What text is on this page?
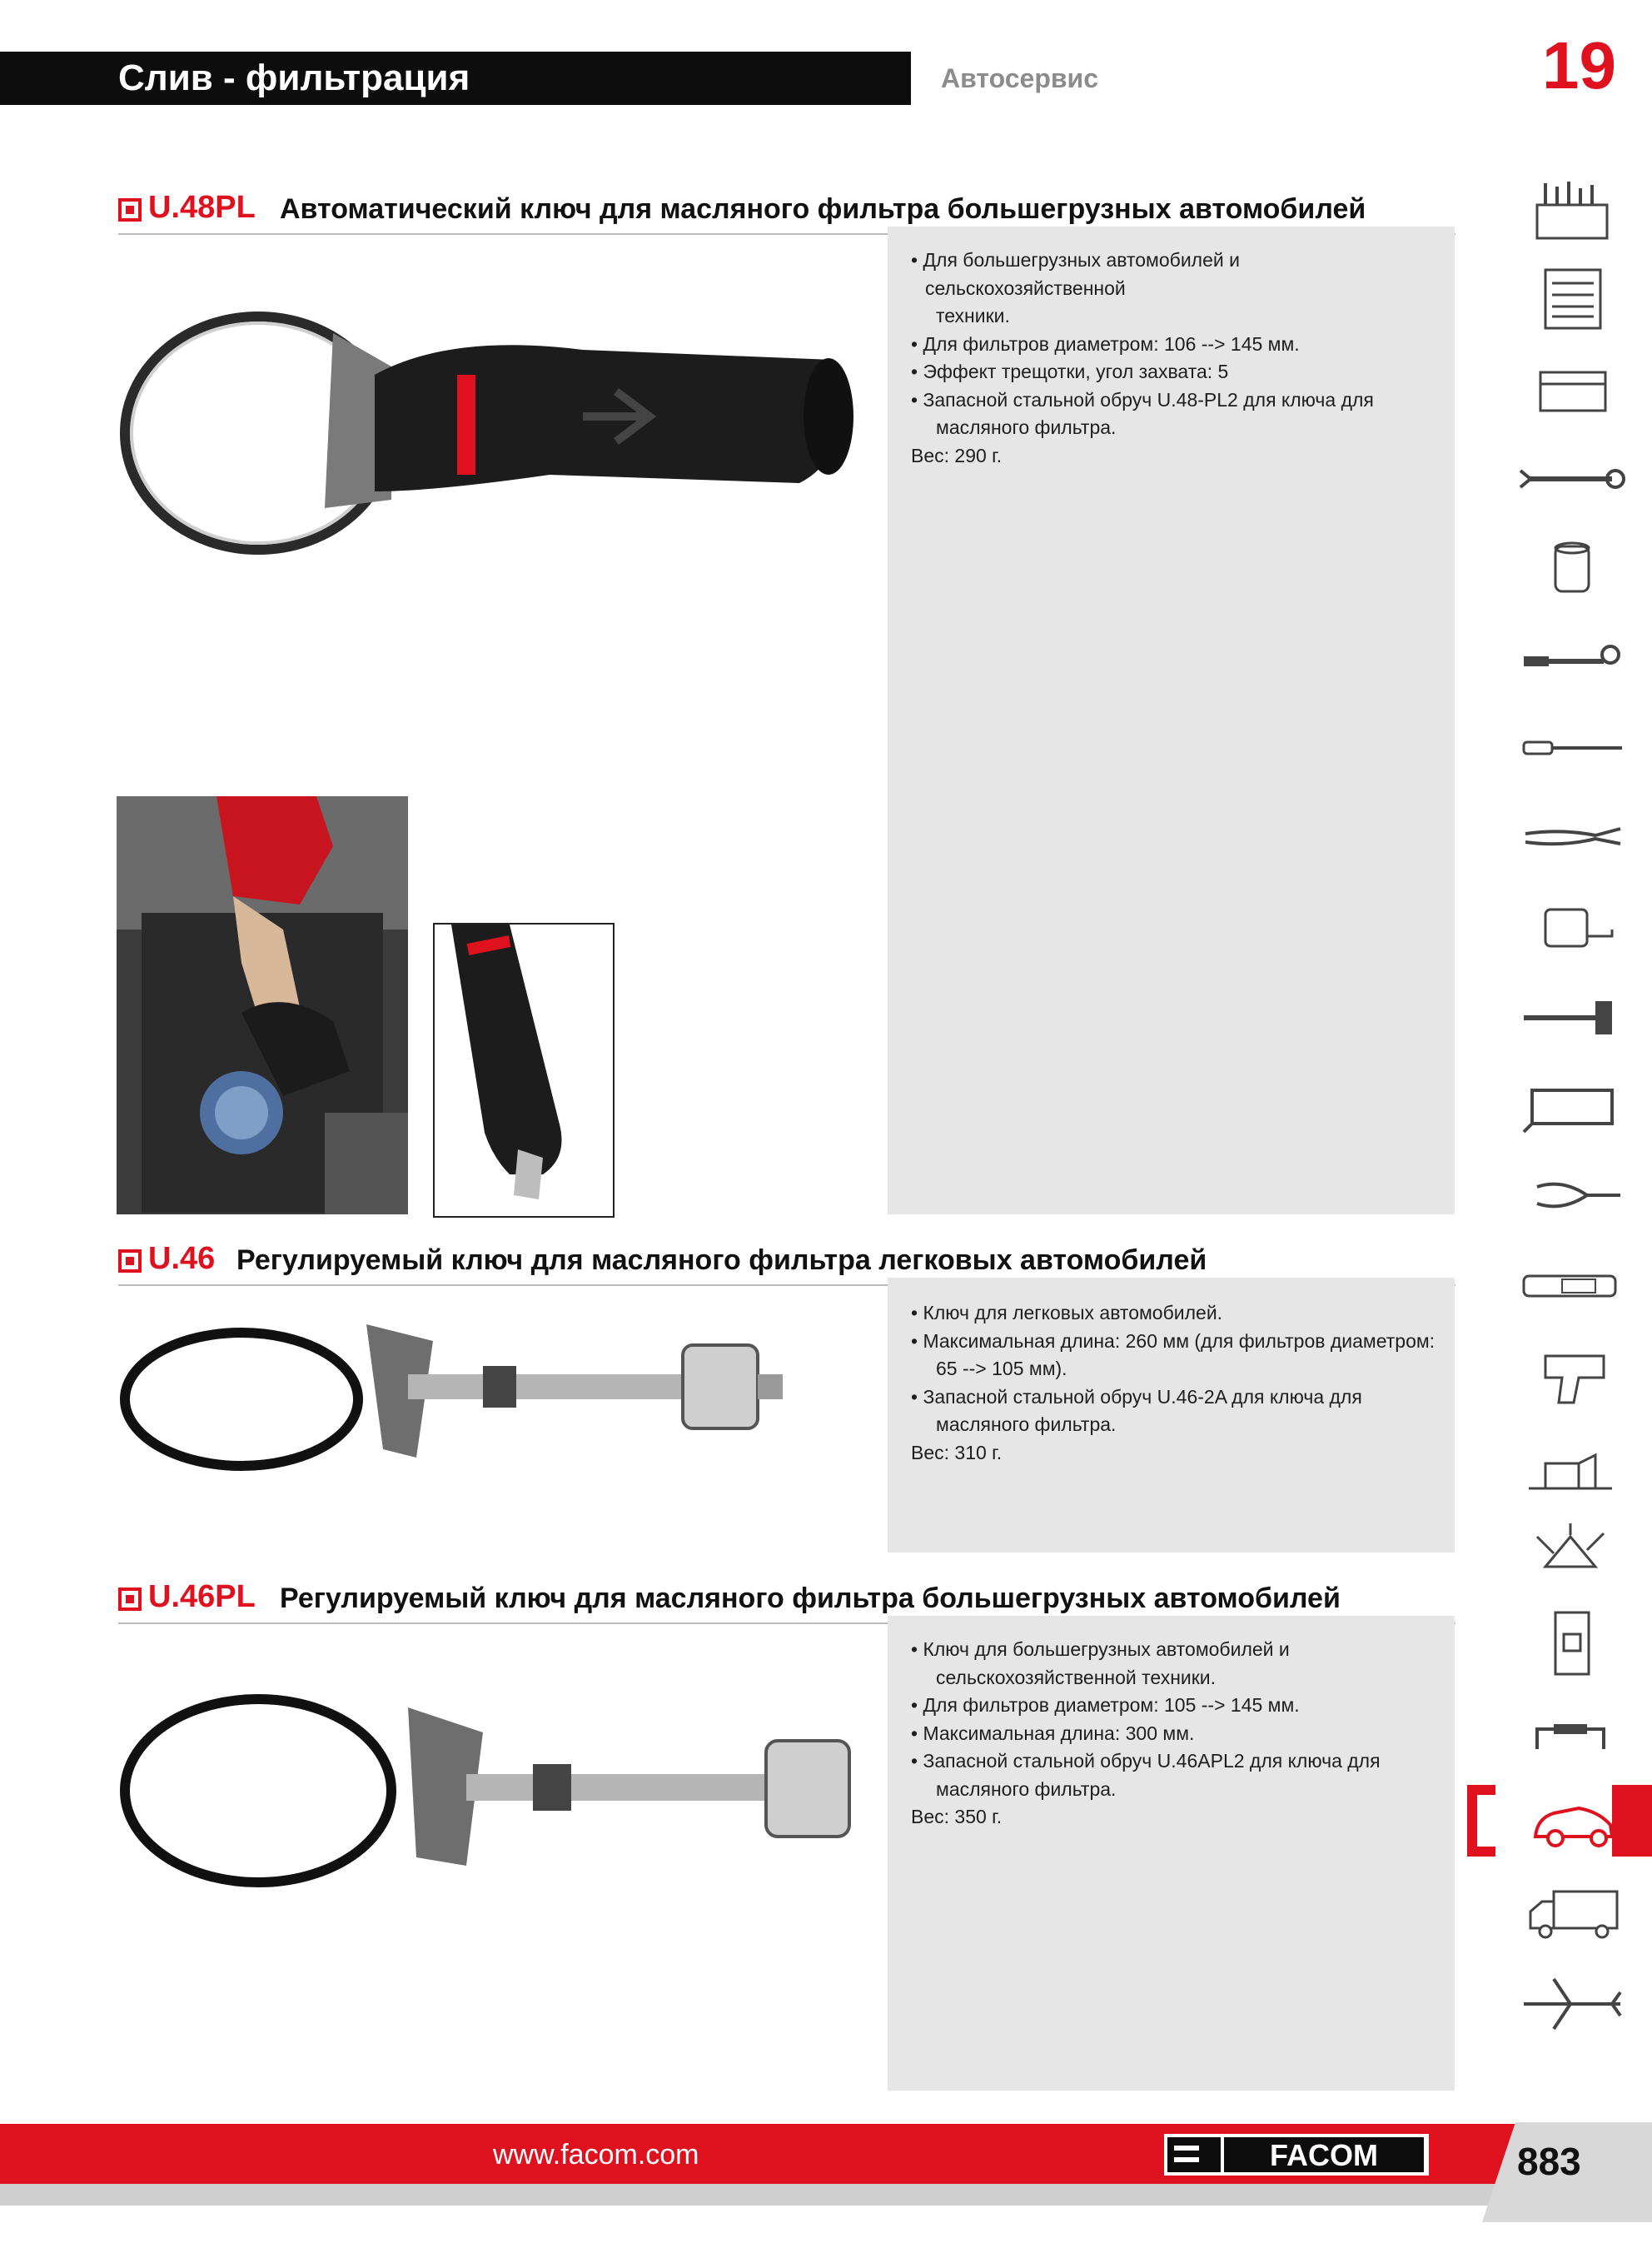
Слив - фильтрация	Автосервис	19
U.48PL Автоматический ключ для масляного фильтра большегрузных автомобилей
• Для большегрузных автомобилей и сельскохозяйственной
техники.
• Для фильтров диаметром: 106 --> 145 мм.
• Эффект трещотки, угол захвата: 5
• Запасной стальной обруч U.48-PL2 для ключа для
масляного фильтра.
Вес: 290 г.
U.46 Регулируемый ключ для масляного фильтра легковых автомобилей
• Ключ для легковых автомобилей.
• Максимальная длина: 260 мм (для фильтров диаметром:
65 --> 105 мм).
• Запасной стальной обруч U.46-2A для ключа для
масляного фильтра.
Вес: 310 г.
U.46PL Регулируемый ключ для масляного фильтра большегрузных автомобилей
• Ключ для большегрузных автомобилей и
сельскохозяйственной техники.
• Для фильтров диаметром: 105 --> 145 мм.
• Максимальная длина: 300 мм.
• Запасной стальной обруч U.46APL2 для ключа для
масляного фильтра.
Вес: 350 г.
www.facom.com	FACOM	883
